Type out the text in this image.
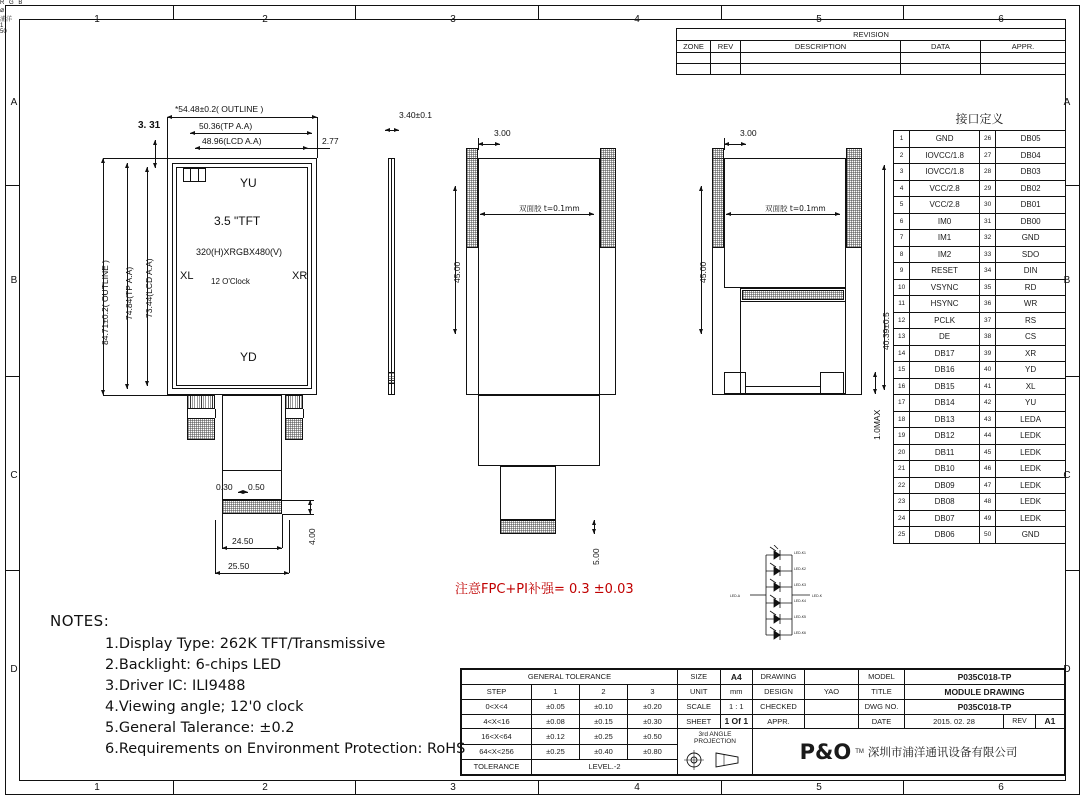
1	2	3	4	5	6
1	2	3	4	5	6
A
B
C
D
A
B
C
D
REVISION				
ZONE	REV	DESCRIPTION	DATA	APPR.

接口定义
1	GND	26	DB05
2	IOVCC/1.8	27	DB04
3	IOVCC/1.8	28	DB03
4	VCC/2.8	29	DB02
5	VCC/2.8	30	DB01
6	IM0	31	DB00
7	IM1	32	GND
8	IM2	33	SDO
9	RESET	34	DIN
10	VSYNC	35	RD
11	HSYNC	36	WR
12	PCLK	37	RS
13	DE	38	CS
14	DB17	39	XR
15	DB16	40	YD
16	DB15	41	XL
17	DB14	42	YU
18	DB13	43	LEDA
19	DB12	44	LEDK
20	DB11	45	LEDK
21	DB10	46	LEDK
22	DB09	47	LEDK
23	DB08	48	LEDK
24	DB07	49	LEDK
25	DB06	50	GND
R G B
YU
XL	XR
YD
3.5 "TFT
320(H)XRGBX480(V)
12 O'Clock
*54.48±0.2( OUTLINE )
50.36(TP A.A)
48.96(LCD A.A)	2.77
3. 31
84.71±0.2( OUTLINE ) 74.84(TP A.A) 73.44(LCD A.A)
0.30 0.50
⌀
24.50
25.50
4.00
3.40±0.1
浦洋
3.00
45.00
双面胶 t=0.1mm
5.00
1
50
3.00
45.00
双面胶 t=0.1mm
40.39±0.5
1.0MAX
注意FPC+PI补强= 0.3 ±0.03
LED-K1
LED-K2
LED-K3
LED-K4
LED-K5
LED-K6
LED-A	LED-K
NOTES:
1.Display Type: 262K TFT/Transmissive
2.Backlight: 6-chips LED
3.Driver IC: ILI9488
4.Viewing angle; 12'0 clock
5.General Talerance: ±0.2
6.Requirements on Environment Protection: RoHS
GENERAL TOLERANCE	SIZE	A4	DRAWING		MODEL	P035C018-TP
STEP	1	2	3	UNIT	mm	DESIGN	YAO	TITLE	MODULE DRAWING
0<X<4	±0.05	±0.10	±0.20	SCALE	1 : 1	CHECKED		DWG NO.	P035C018-TP
4<X<16	±0.08	±0.15	±0.30	SHEET	1 Of 1	APPR.		DATE		2015. 02. 28	REV	A1

16<X<64	±0.12	±0.25	±0.50	3rd ANGLE PROJECTION	P&O TM 深圳市浦洋通讯设备有限公司

64<X<256	±0.25	±0.40	±0.80
TOLERANCE	LEVEL.-2
